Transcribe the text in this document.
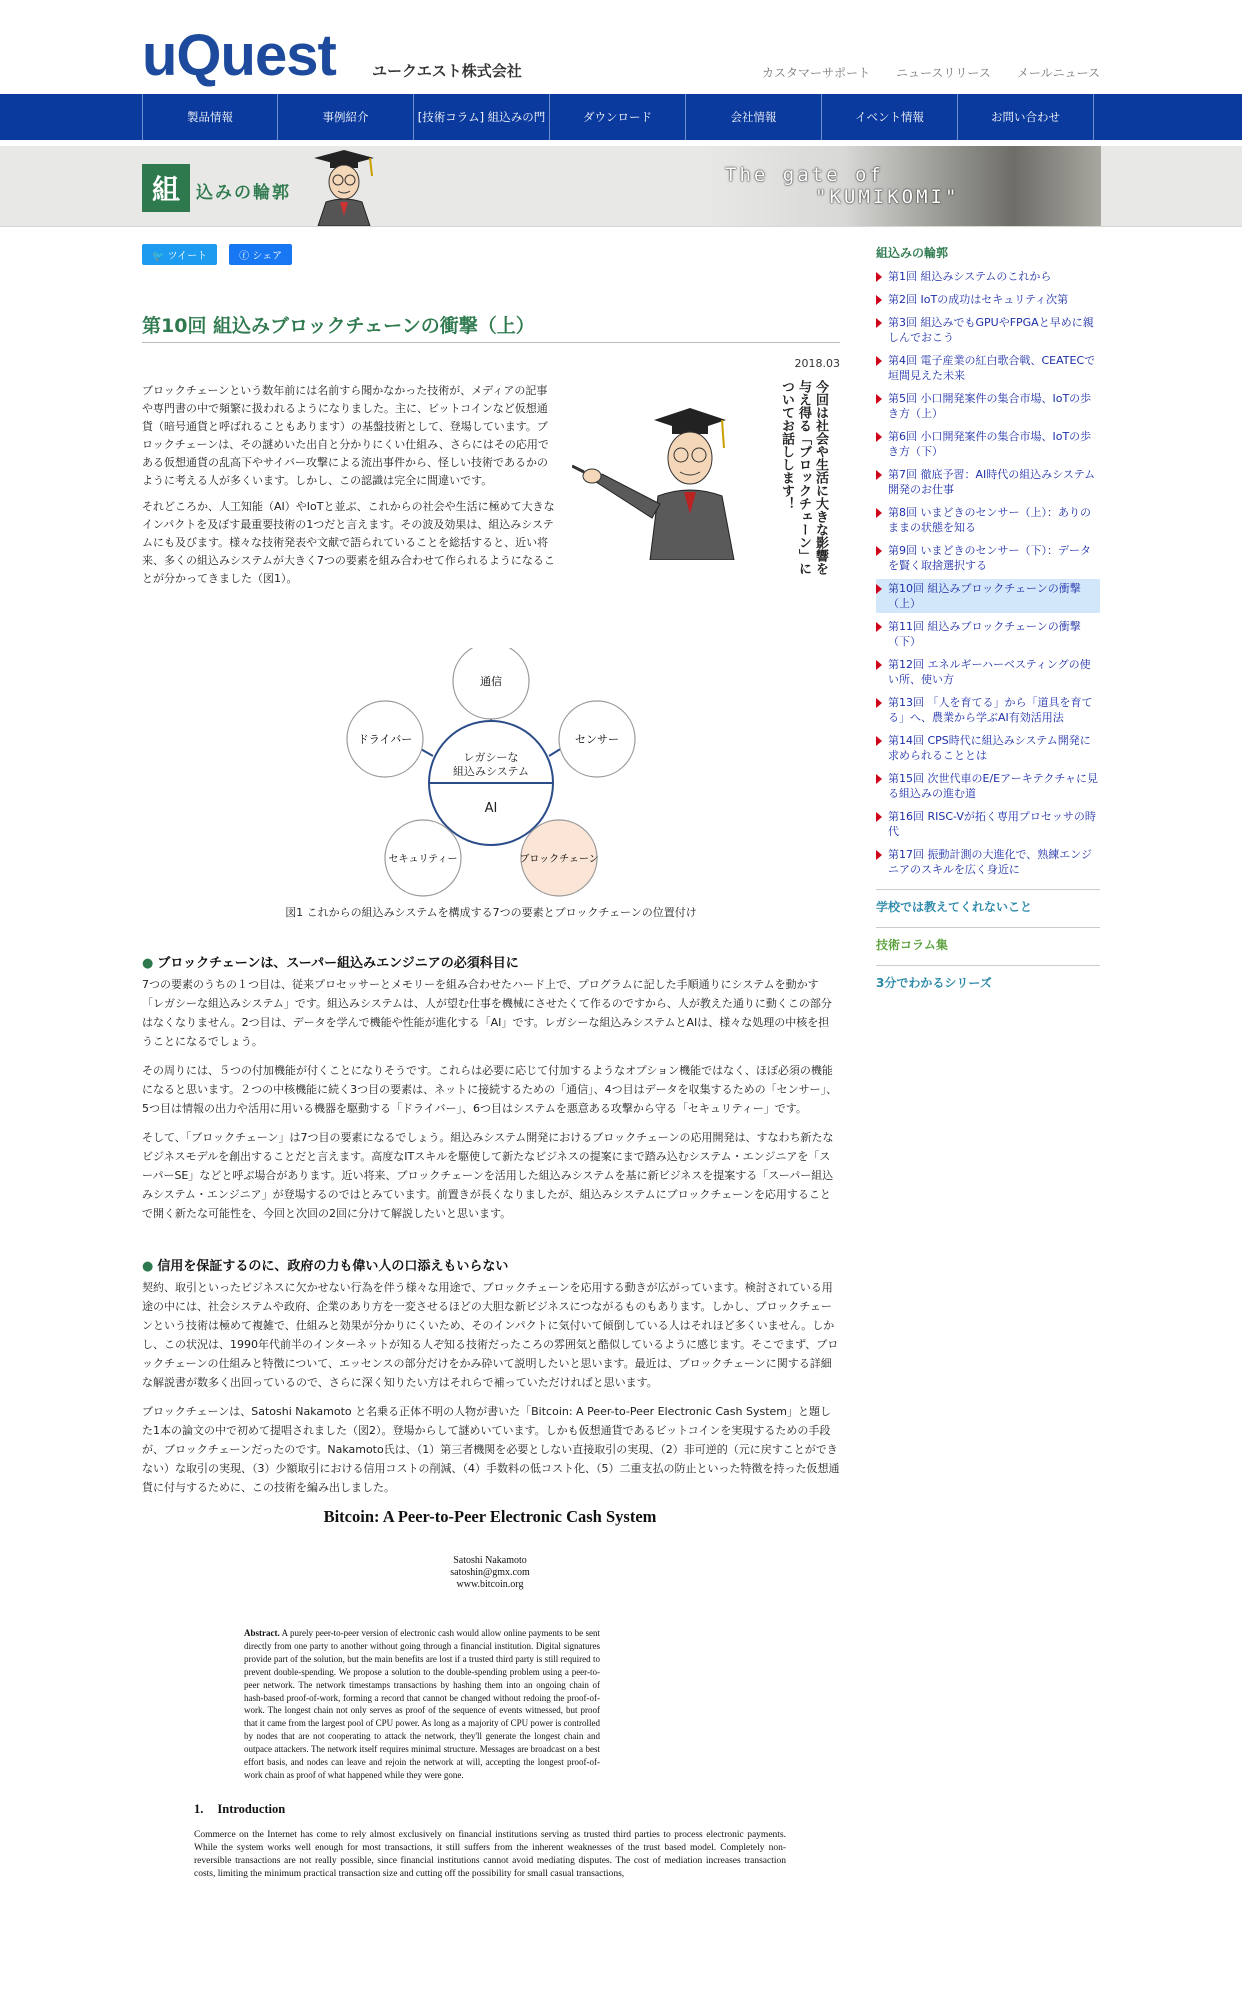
uQuest ユークエスト株式会社	カスタマーサポート ニュースリリース メールニュース
製品情報	事例紹介	[技術コラム] 組込みの門	ダウンロード	会社情報	イベント情報	お問い合わせ
組 込みの輪郭
The gate of
"KUMIKOMI"
🐦 ツイート	ⓕ シェア
第10回 組込みブロックチェーンの衝撃（上）
2018.03

ブロックチェーンという数年前には名前すら聞かなかった技術が、メディアの記事や専門書の中で頻繁に扱われるようになりました。主に、ビットコインなど仮想通貨（暗号通貨と呼ばれることもあります）の基盤技術として、登場しています。ブロックチェーンは、その謎めいた出自と分かりにくい仕組み、さらにはその応用である仮想通貨の乱高下やサイバー攻撃による流出事件から、怪しい技術であるかのように考える人が多くいます。しかし、この認識は完全に間違いです。

それどころか、人工知能（AI）やIoTと並ぶ、これからの社会や生活に極めて大きなインパクトを及ぼす最重要技術の1つだと言えます。その波及効果は、組込みシステムにも及びます。様々な技術発表や文献で語られていることを総括すると、近い将来、多くの組込みシステムが大きく7つの要素を組み合わせて作られるようになることが分かってきました（図1）。

今回は社会や生活に大きな影響を与え得る「ブロックチェーン」についてお話しします！
レガシーな
組込みシステム
AI
通信
センサー
ブロックチェーン
セキュリティー
ドライバー
図1 これからの組込みシステムを構成する7つの要素とブロックチェーンの位置付け
● ブロックチェーンは、スーパー組込みエンジニアの必須科目に

7つの要素のうちの１つ目は、従来プロセッサーとメモリーを組み合わせたハード上で、プログラムに記した手順通りにシステムを動かす「レガシーな組込みシステム」です。組込みシステムは、人が望む仕事を機械にさせたくて作るのですから、人が教えた通りに動くこの部分はなくなりません。2つ目は、データを学んで機能や性能が進化する「AI」です。レガシーな組込みシステムとAIは、様々な処理の中核を担うことになるでしょう。

その周りには、５つの付加機能が付くことになりそうです。これらは必要に応じて付加するようなオプション機能ではなく、ほぼ必須の機能になると思います。２つの中核機能に続く3つ目の要素は、ネットに接続するための「通信」、4つ目はデータを収集するための「センサー」、5つ目は情報の出力や活用に用いる機器を駆動する「ドライバー」、6つ目はシステムを悪意ある攻撃から守る「セキュリティー」です。

そして、「ブロックチェーン」は7つ目の要素になるでしょう。組込みシステム開発におけるブロックチェーンの応用開発は、すなわち新たなビジネスモデルを創出することだと言えます。高度なITスキルを駆使して新たなビジネスの提案にまで踏み込むシステム・エンジニアを「スーパーSE」などと呼ぶ場合があります。近い将来、ブロックチェーンを活用した組込みシステムを基に新ビジネスを提案する「スーパー組込みシステム・エンジニア」が登場するのではとみています。前置きが長くなりましたが、組込みシステムにブロックチェーンを応用することで開く新たな可能性を、今回と次回の2回に分けて解説したいと思います。

● 信用を保証するのに、政府の力も偉い人の口添えもいらない

契約、取引といったビジネスに欠かせない行為を伴う様々な用途で、ブロックチェーンを応用する動きが広がっています。検討されている用途の中には、社会システムや政府、企業のあり方を一変させるほどの大胆な新ビジネスにつながるものもあります。しかし、ブロックチェーンという技術は極めて複雑で、仕組みと効果が分かりにくいため、そのインパクトに気付いて傾倒している人はそれほど多くいません。しかし、この状況は、1990年代前半のインターネットが知る人ぞ知る技術だったころの雰囲気と酷似しているように感じます。そこでまず、ブロックチェーンの仕組みと特徴について、エッセンスの部分だけをかみ砕いて説明したいと思います。最近は、ブロックチェーンに関する詳細な解説書が数多く出回っているので、さらに深く知りたい方はそれらで補っていただければと思います。

ブロックチェーンは、Satoshi Nakamoto と名乗る正体不明の人物が書いた「Bitcoin: A Peer-to-Peer Electronic Cash System」と題した1本の論文の中で初めて提唱されました（図2）。登場からして謎めいています。しかも仮想通貨であるビットコインを実現するための手段が、ブロックチェーンだったのです。Nakamoto氏は、（1）第三者機関を必要としない直接取引の実現、（2）非可逆的（元に戻すことができない）な取引の実現、（3）少額取引における信用コストの削減、（4）手数料の低コスト化、（5）二重支払の防止といった特徴を持った仮想通貨に付与するために、この技術を編み出しました。

Bitcoin: A Peer-to-Peer Electronic Cash System
Satoshi Nakamoto
satoshin@gmx.com
www.bitcoin.org
Abstract. A purely peer-to-peer version of electronic cash would allow online payments to be sent directly from one party to another without going through a financial institution. Digital signatures provide part of the solution, but the main benefits are lost if a trusted third party is still required to prevent double-spending. We propose a solution to the double-spending problem using a peer-to-peer network. The network timestamps transactions by hashing them into an ongoing chain of hash-based proof-of-work, forming a record that cannot be changed without redoing the proof-of-work. The longest chain not only serves as proof of the sequence of events witnessed, but proof that it came from the largest pool of CPU power. As long as a majority of CPU power is controlled by nodes that are not cooperating to attack the network, they'll generate the longest chain and outpace attackers. The network itself requires minimal structure. Messages are broadcast on a best effort basis, and nodes can leave and rejoin the network at will, accepting the longest proof-of-work chain as proof of what happened while they were gone.
1. Introduction
Commerce on the Internet has come to rely almost exclusively on financial institutions serving as trusted third parties to process electronic payments. While the system works well enough for most transactions, it still suffers from the inherent weaknesses of the trust based model. Completely non-reversible transactions are not really possible, since financial institutions cannot avoid mediating disputes. The cost of mediation increases transaction costs, limiting the minimum practical transaction size and cutting off the possibility for small casual transactions,
組込みの輪郭
第1回 組込みシステムのこれから
第2回 IoTの成功はセキュリティ次第
第3回 組込みでもGPUやFPGAと早めに親しんでおこう
第4回 電子産業の紅白歌合戦、CEATECで垣間見えた未来
第5回 小口開発案件の集合市場、IoTの歩き方（上）
第6回 小口開発案件の集合市場、IoTの歩き方（下）
第7回 徹底予習：AI時代の組込みシステム開発のお仕事
第8回 いまどきのセンサー（上）：ありのままの状態を知る
第9回 いまどきのセンサー（下）：データを賢く取捨選択する
第10回 組込みブロックチェーンの衝撃（上）
第11回 組込みブロックチェーンの衝撃（下）
第12回 エネルギーハーベスティングの使い所、使い方
第13回 「人を育てる」から「道具を育てる」へ、農業から学ぶAI有効活用法
第14回 CPS時代に組込みシステム開発に求められることとは
第15回 次世代車のE/Eアーキテクチャに見る組込みの進む道
第16回 RISC-Vが拓く専用プロセッサの時代
第17回 振動計測の大進化で、熟練エンジニアのスキルを広く身近に
学校では教えてくれないこと
技術コラム集
3分でわかるシリーズ
